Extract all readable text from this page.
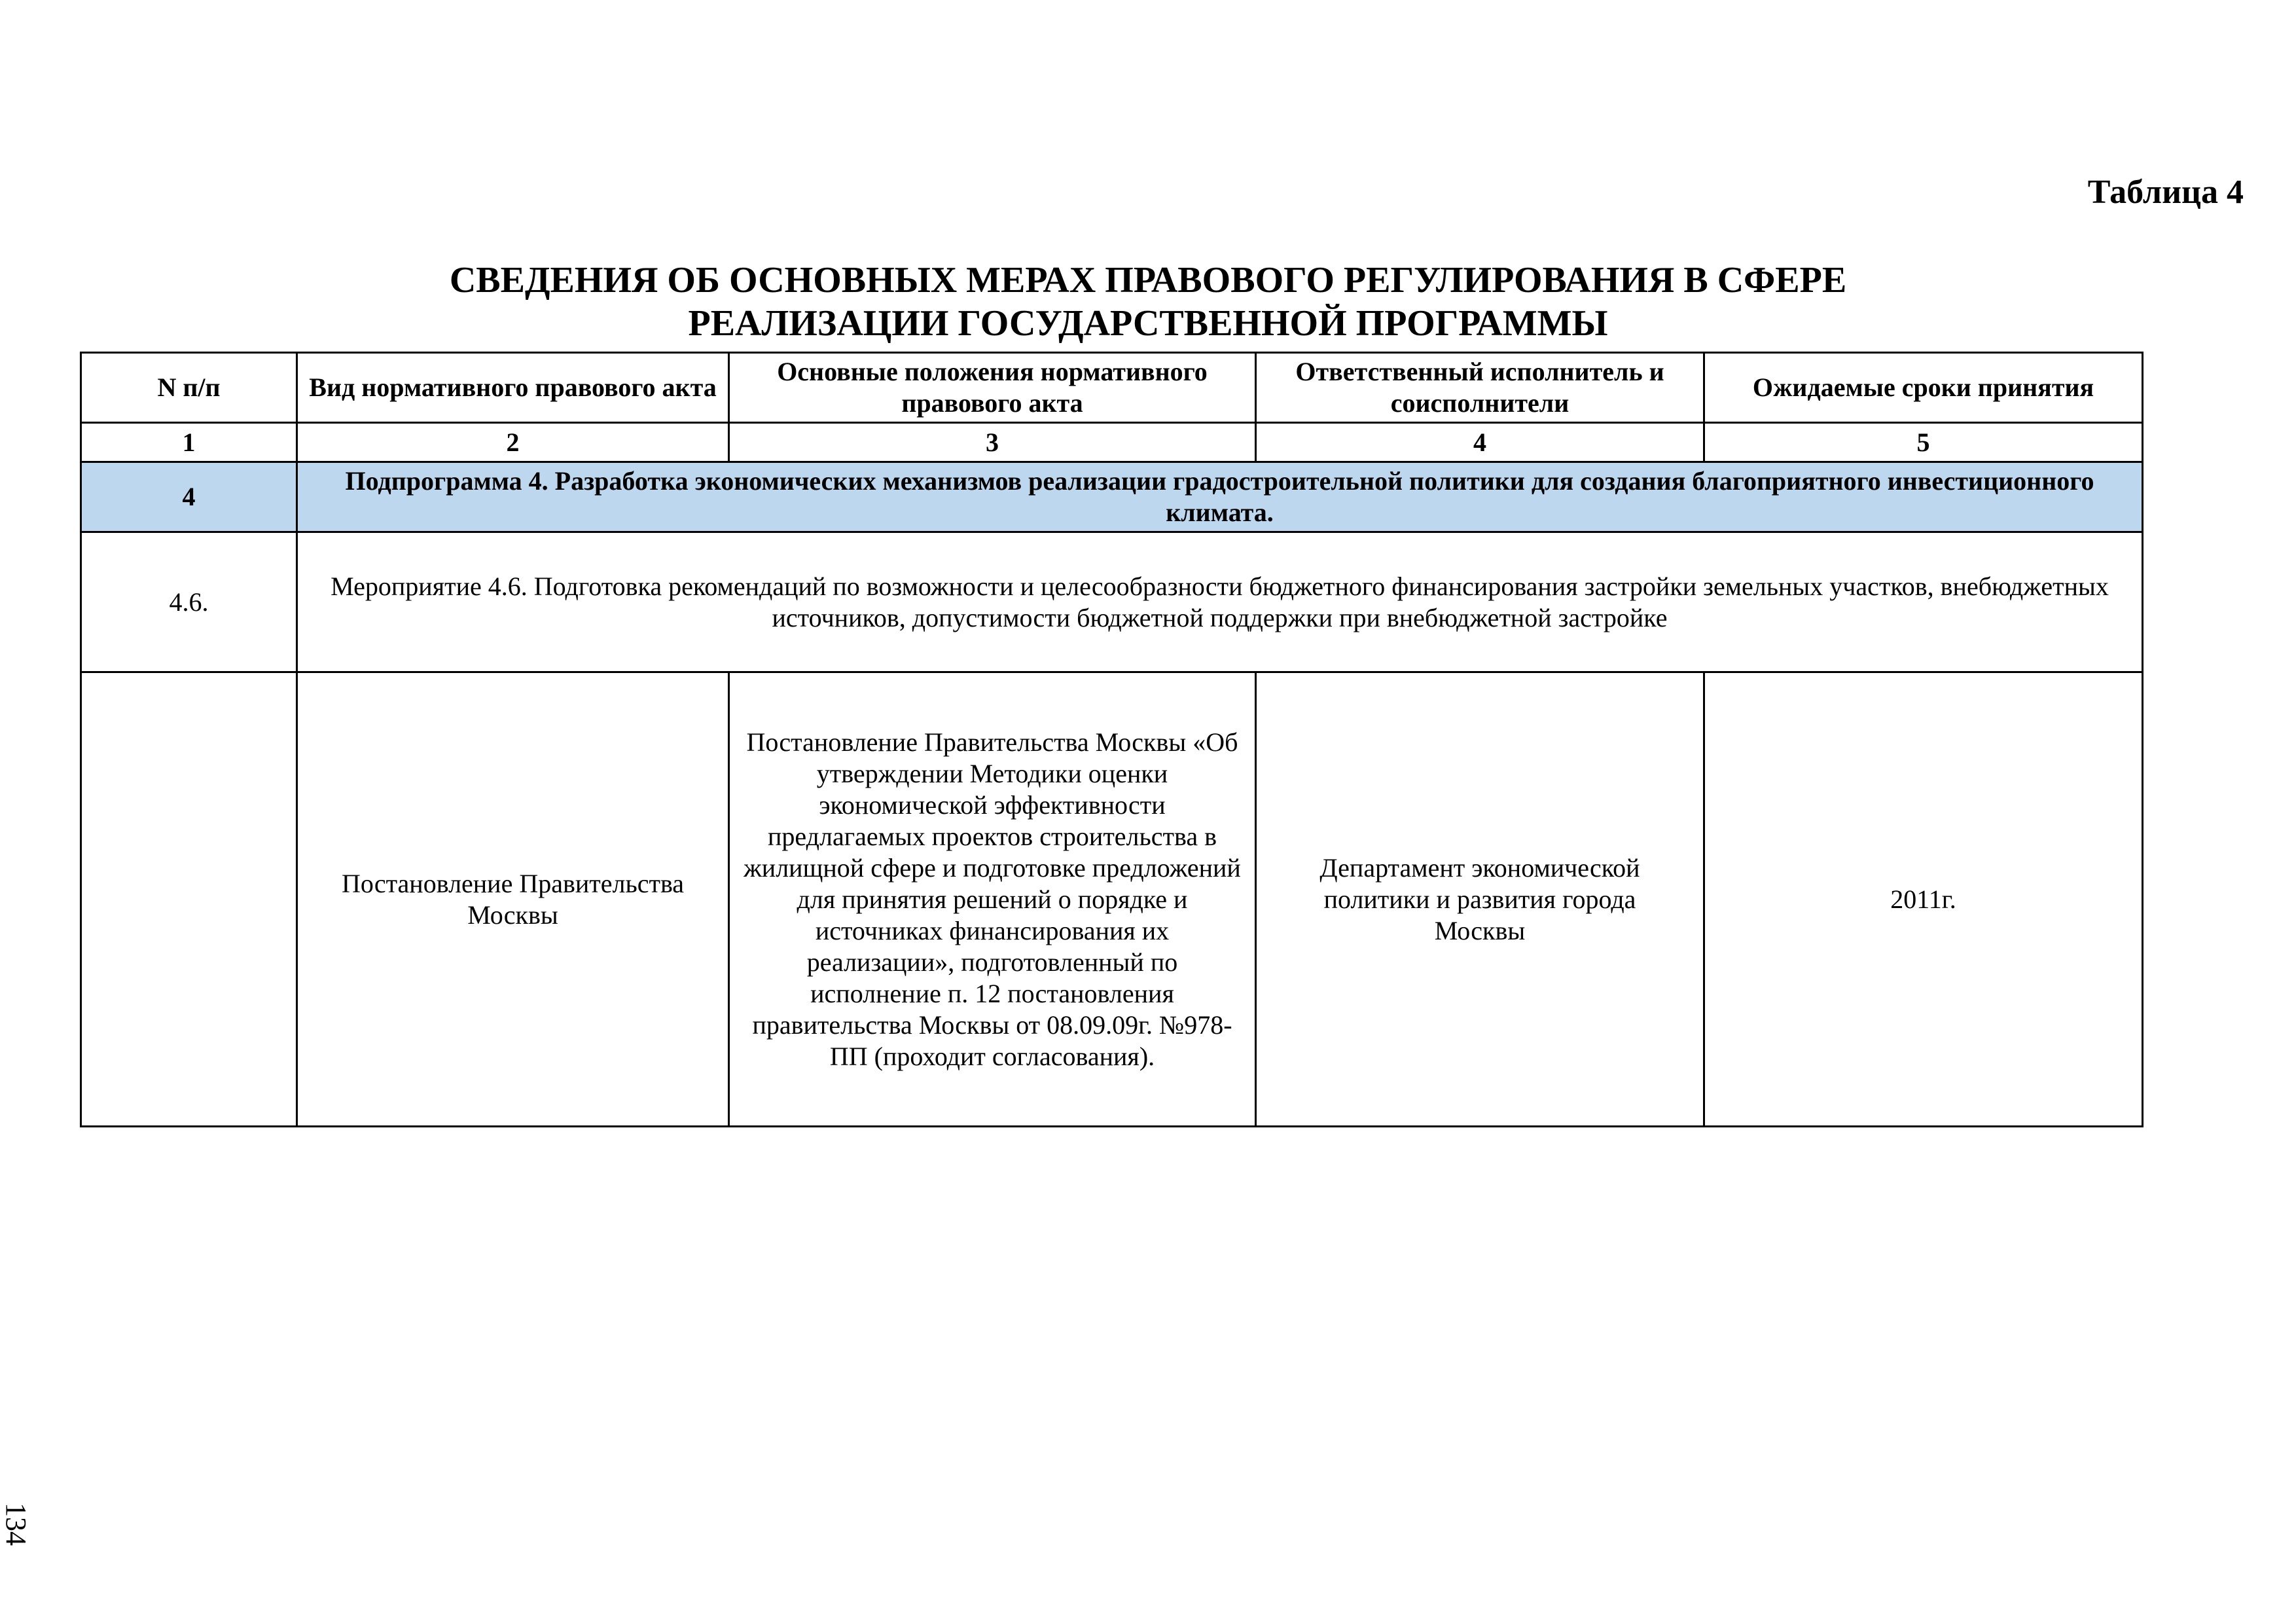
Таблица 4
СВЕДЕНИЯ ОБ ОСНОВНЫХ МЕРАХ ПРАВОВОГО РЕГУЛИРОВАНИЯ В СФЕРЕ
РЕАЛИЗАЦИИ ГОСУДАРСТВЕННОЙ ПРОГРАММЫ
N п/п	Вид нормативного правового акта	Основные положения нормативного правового акта	Ответственный исполнитель и соисполнители	Ожидаемые сроки принятия
1	2	3	4	5
4	Подпрограмма 4. Разработка экономических механизмов реализации градостроительной политики для создания благоприятного инвестиционного климата.			
4.6.	Мероприятие 4.6. Подготовка рекомендаций по возможности и целесообразности бюджетного финансирования застройки земельных участков, внебюджетных источников, допустимости бюджетной поддержки при внебюджетной застройке			
	Постановление Правительства Москвы	Постановление Правительства Москвы «Об утверждении Методики оценки экономической эффективности предлагаемых проектов строительства в жилищной сфере и подготовке предложений для принятия решений о порядке и источниках финансирования их реализации», подготовленный по исполнение п. 12 постановления правительства Москвы от 08.09.09г. №978-ПП (проходит согласования).	Департамент экономической политики и развития города Москвы	2011г.
134
